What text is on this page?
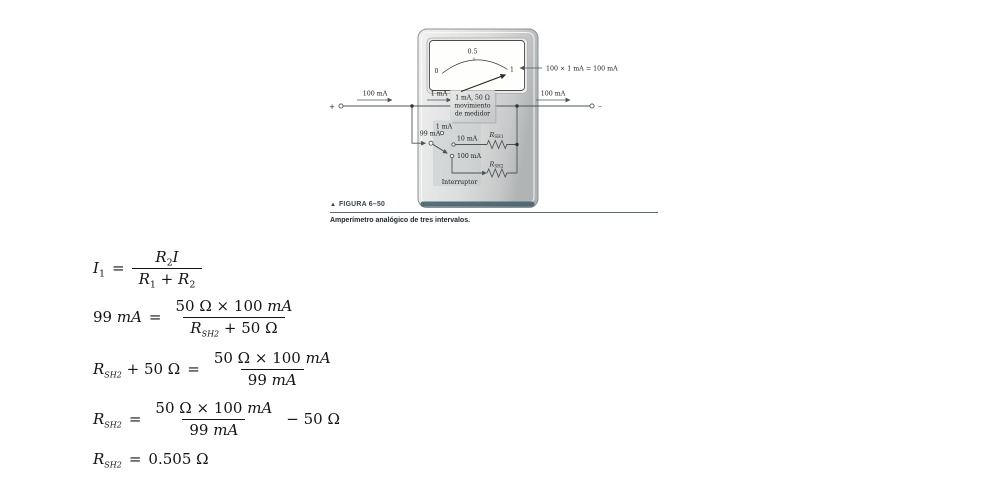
0
0.5
1
1 mA, 50 Ω
movimiento
de medidor
100 × 1 mA = 100 mA
100 mA	1 mA	100 mA
99 mA
+	–
1 mA
10 mA
100 mA
Interruptor
RSH1
RSH2
▲ FIGURA 6–50
Amperímetro analógico de tres intervalos.
$I_1 = \frac{R_2I}{R_1 + R_2}$
99 mA = $\frac{50 \Omega \times 100 mA}{R_{SH2} + 50 \Omega}$
$R_{SH2} + 50$ $\Omega = \frac{50 \Omega \times 100 mA}{99 mA}$
$R_{SH2} = \frac{50 \Omega \times 100 mA}{99 mA} - 50$ Ω
$R_{SH2} = 0.505$ Ω
